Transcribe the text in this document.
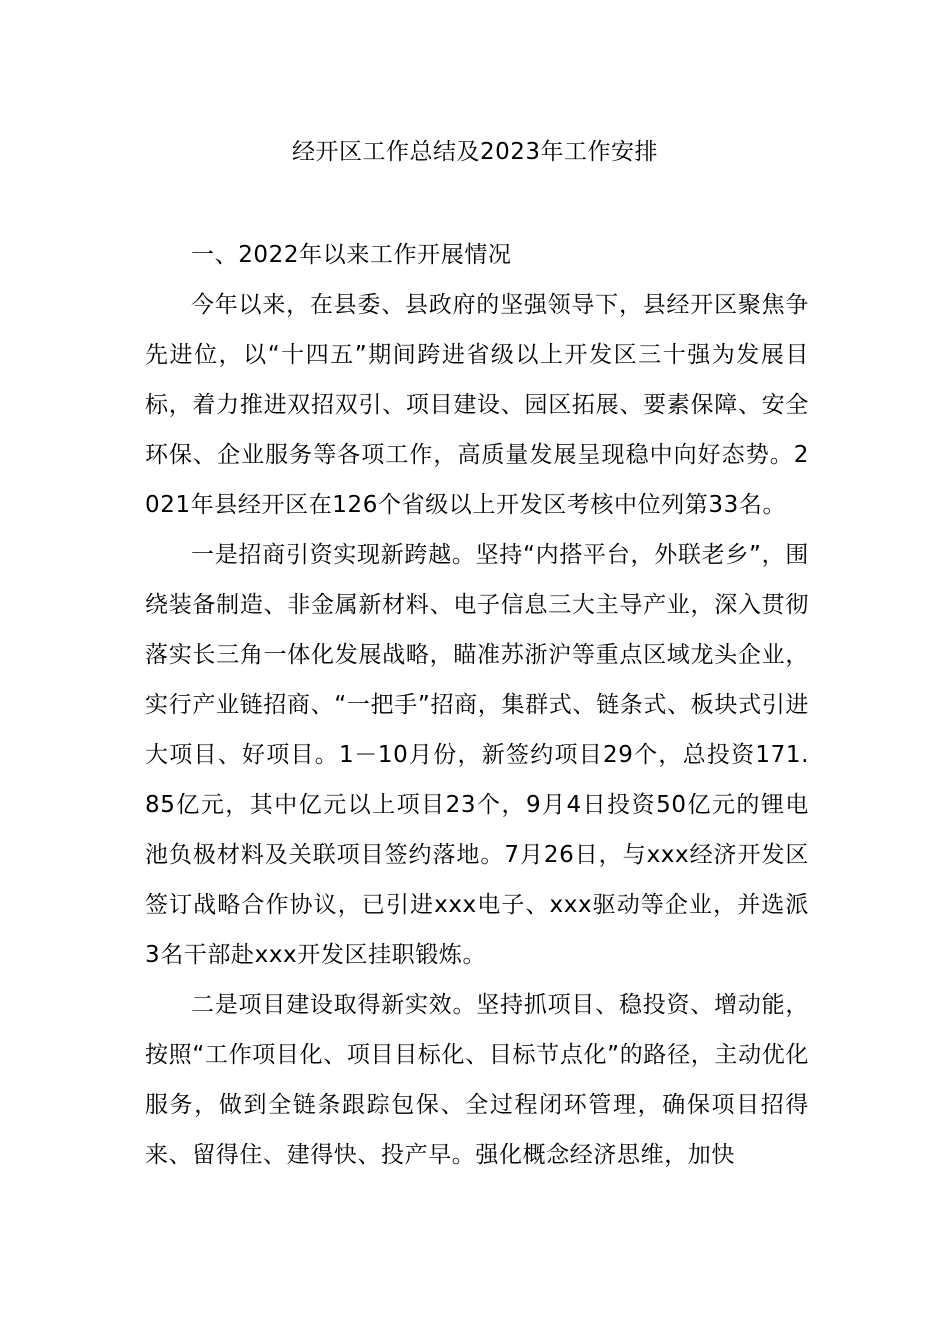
经开区工作总结及2023年工作安排

一、2022年以来工作开展情况

今年以来，在县委、县政府的坚强领导下，县经开区聚焦争先进位，以“十四五”期间跨进省级以上开发区三十强为发展目标，着力推进双招双引、项目建设、园区拓展、要素保障、安全环保、企业服务等各项工作，高质量发展呈现稳中向好态势。2021年县经开区在126个省级以上开发区考核中位列第33名。

一是招商引资实现新跨越。坚持“内搭平台，外联老乡”，围绕装备制造、非金属新材料、电子信息三大主导产业，深入贯彻落实长三角一体化发展战略，瞄准苏浙沪等重点区域龙头企业，实行产业链招商、“一把手”招商，集群式、链条式、板块式引进大项目、好项目。1－10月份，新签约项目29个，总投资171.85亿元，其中亿元以上项目23个，9月4日投资50亿元的锂电池负极材料及关联项目签约落地。7月26日，与xxx经济开发区签订战略合作协议，已引进xxx电子、xxx驱动等企业，并选派3名干部赴xxx开发区挂职锻炼。

二是项目建设取得新实效。坚持抓项目、稳投资、增动能，按照“工作项目化、项目目标化、目标节点化”的路径，主动优化服务，做到全链条跟踪包保、全过程闭环管理，确保项目招得来、留得住、建得快、投产早。强化概念经济思维，加快
